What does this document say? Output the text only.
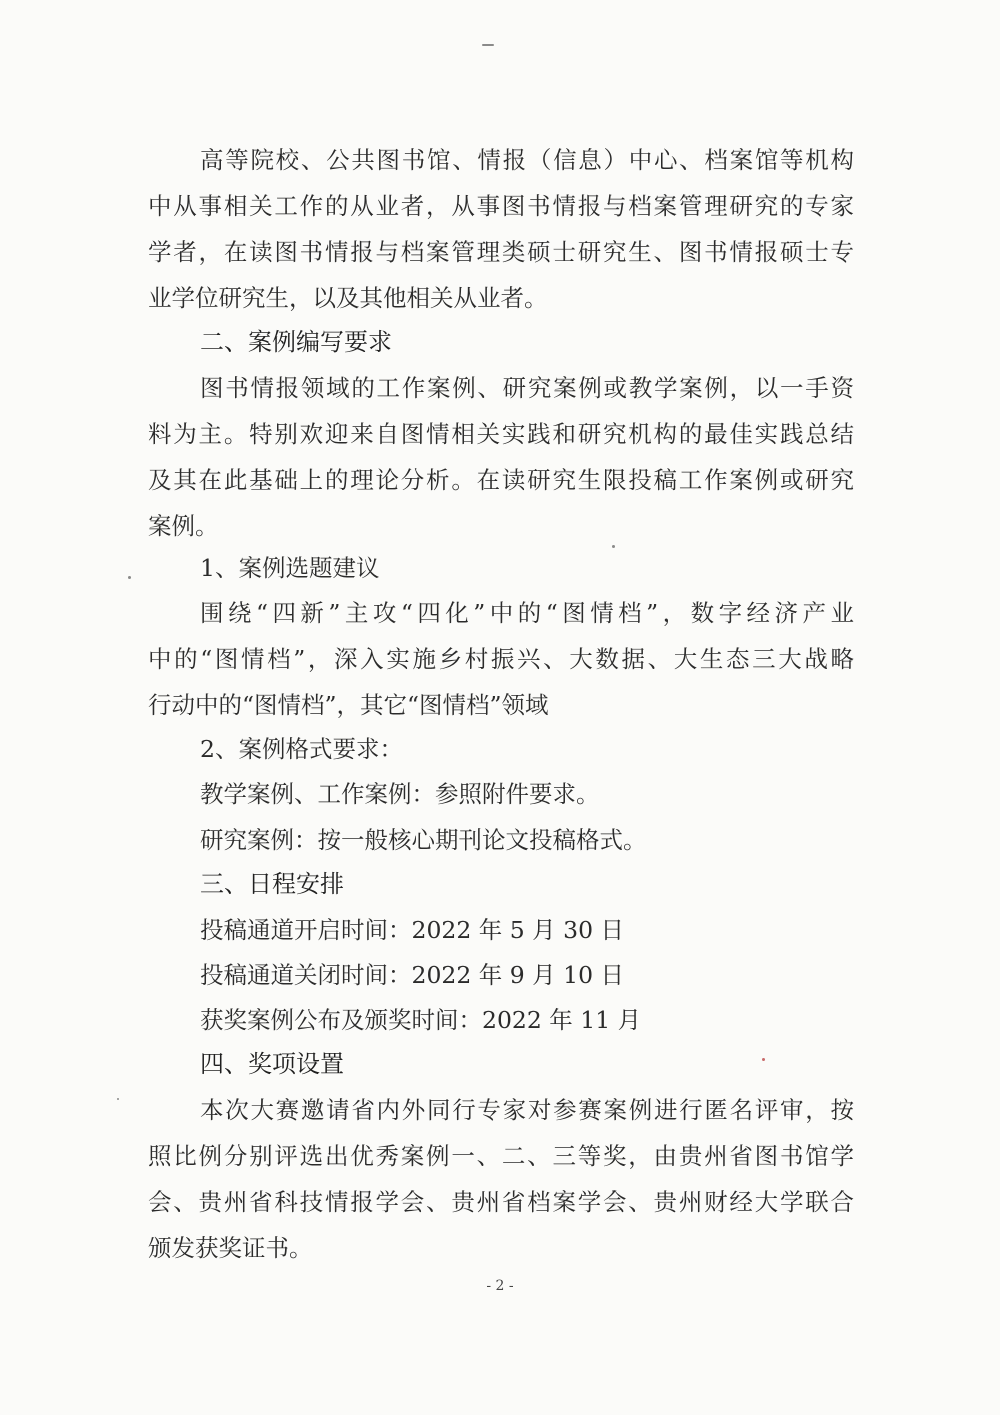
高等院校、公共图书馆、情报（信息）中心、档案馆等机构
中从事相关工作的从业者，从事图书情报与档案管理研究的专家
学者，在读图书情报与档案管理类硕士研究生、图书情报硕士专
业学位研究生，以及其他相关从业者。
二、案例编写要求
图书情报领域的工作案例、研究案例或教学案例，以一手资
料为主。特别欢迎来自图情相关实践和研究机构的最佳实践总结
及其在此基础上的理论分析。在读研究生限投稿工作案例或研究
案例。
1、案例选题建议
围绕“四新”主攻“四化”中的“图情档”，数字经济产业
中的“图情档”，深入实施乡村振兴、大数据、大生态三大战略
行动中的“图情档”，其它“图情档”领域
2、案例格式要求：
教学案例、工作案例：参照附件要求。
研究案例：按一般核心期刊论文投稿格式。
三、日程安排
投稿通道开启时间：2022 年 5 月 30 日
投稿通道关闭时间：2022 年 9 月 10 日
获奖案例公布及颁奖时间：2022 年 11 月
四、奖项设置
本次大赛邀请省内外同行专家对参赛案例进行匿名评审，按
照比例分别评选出优秀案例一、二、三等奖，由贵州省图书馆学
会、贵州省科技情报学会、贵州省档案学会、贵州财经大学联合
颁发获奖证书。
- 2 -
